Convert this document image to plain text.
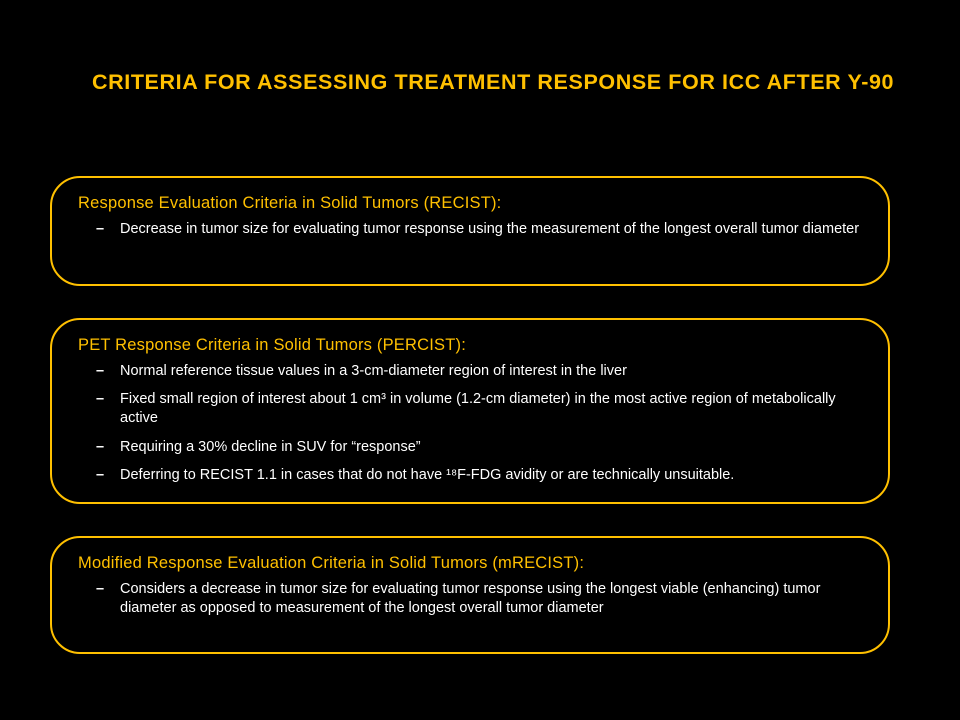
CRITERIA FOR ASSESSING TREATMENT RESPONSE FOR ICC AFTER Y-90

Response Evaluation Criteria in Solid Tumors (RECIST):

– Decrease in tumor size for evaluating tumor response using the measurement of the longest overall tumor diameter

PET Response Criteria in Solid Tumors (PERCIST):

– Normal reference tissue values in a 3-cm-diameter region of interest in the liver
– Fixed small region of interest about 1 cm³ in volume (1.2-cm diameter) in the most active region of metabolically active
– Requiring a 30% decline in SUV for “response”
– Deferring to RECIST 1.1 in cases that do not have ¹⁸F-FDG avidity or are technically unsuitable.

Modified Response Evaluation Criteria in Solid Tumors (mRECIST):

– Considers a decrease in tumor size for evaluating tumor response using the longest viable (enhancing) tumor diameter as opposed to measurement of the longest overall tumor diameter
